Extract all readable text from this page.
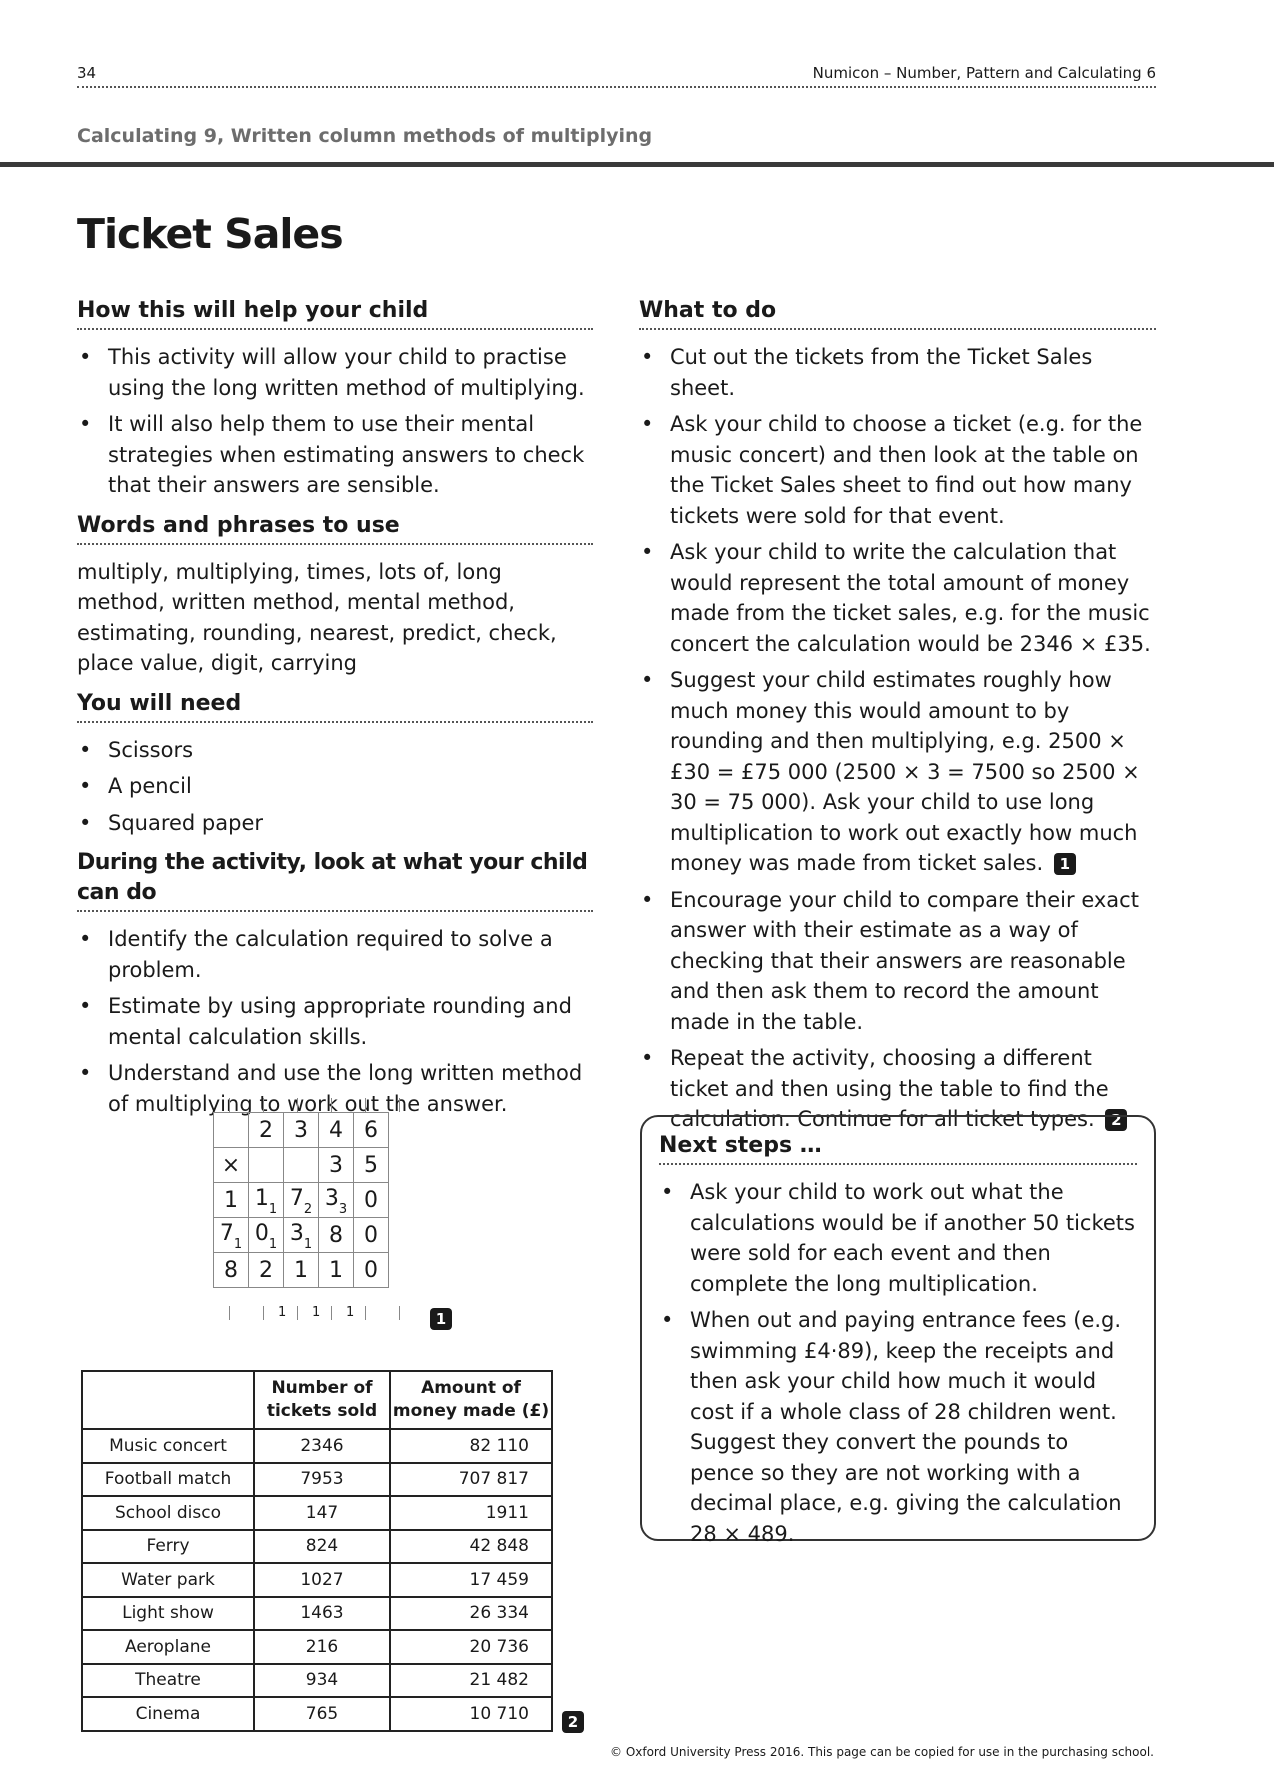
34	Numicon – Number, Pattern and Calculating 6
Calculating 9, Written column methods of multiplying
Ticket Sales
How this will help your child
• This activity will allow your child to practise using the long written method of multiplying.
• It will also help them to use their mental strategies when estimating answers to check that their answers are sensible.
Words and phrases to use

multiply, multiplying, times, lots of, long method, written method, mental method, estimating, rounding, nearest, predict, check, place value, digit, carrying

You will need
• Scissors
• A pencil
• Squared paper
During the activity, look at what your child can do
• Identify the calculation required to solve a problem.
• Estimate by using appropriate rounding and mental calculation skills.
• Understand and use the long written method of multiplying to work out the answer.
What to do
• Cut out the tickets from the Ticket Sales sheet.
• Ask your child to choose a ticket (e.g. for the music concert) and then look at the table on the Ticket Sales sheet to find out how many tickets were sold for that event.
• Ask your child to write the calculation that would represent the total amount of money made from the ticket sales, e.g. for the music concert the calculation would be 2346 × £35.
• Suggest your child estimates roughly how much money this would amount to by rounding and then multiplying, e.g. 2500 × £30 = £75 000 (2500 × 3 = 7500 so 2500 × 30 = 75 000). Ask your child to use long multiplication to work out exactly how much money was made from ticket sales. 1
• Encourage your child to compare their exact answer with their estimate as a way of checking that their answers are reasonable and then ask them to record the amount made in the table.
• Repeat the activity, choosing a different ticket and then using the table to find the calculation. Continue for all ticket types. 2
	2	3	4	6
×			3	5
1	$1_1$	$7_2$	$3_3$	0
$7_1$	$0_1$	$3_1$	8	0
8	2	1	1	0
1 1 1	1
	Number of tickets sold	Amount of money made (£)
Music concert	2346	82 110
Football match	7953	707 817
School disco	147	1911
Ferry	824	42 848
Water park	1027	17 459
Light show	1463	26 334
Aeroplane	216	20 736
Theatre	934	21 482
Cinema	765	10 710	2
Next steps …
• Ask your child to work out what the calculations would be if another 50 tickets were sold for each event and then complete the long multiplication.
• When out and paying entrance fees (e.g. swimming £4·89), keep the receipts and then ask your child how much it would cost if a whole class of 28 children went. Suggest they convert the pounds to pence so they are not working with a decimal place, e.g. giving the calculation 28 × 489.
© Oxford University Press 2016. This page can be copied for use in the purchasing school.
